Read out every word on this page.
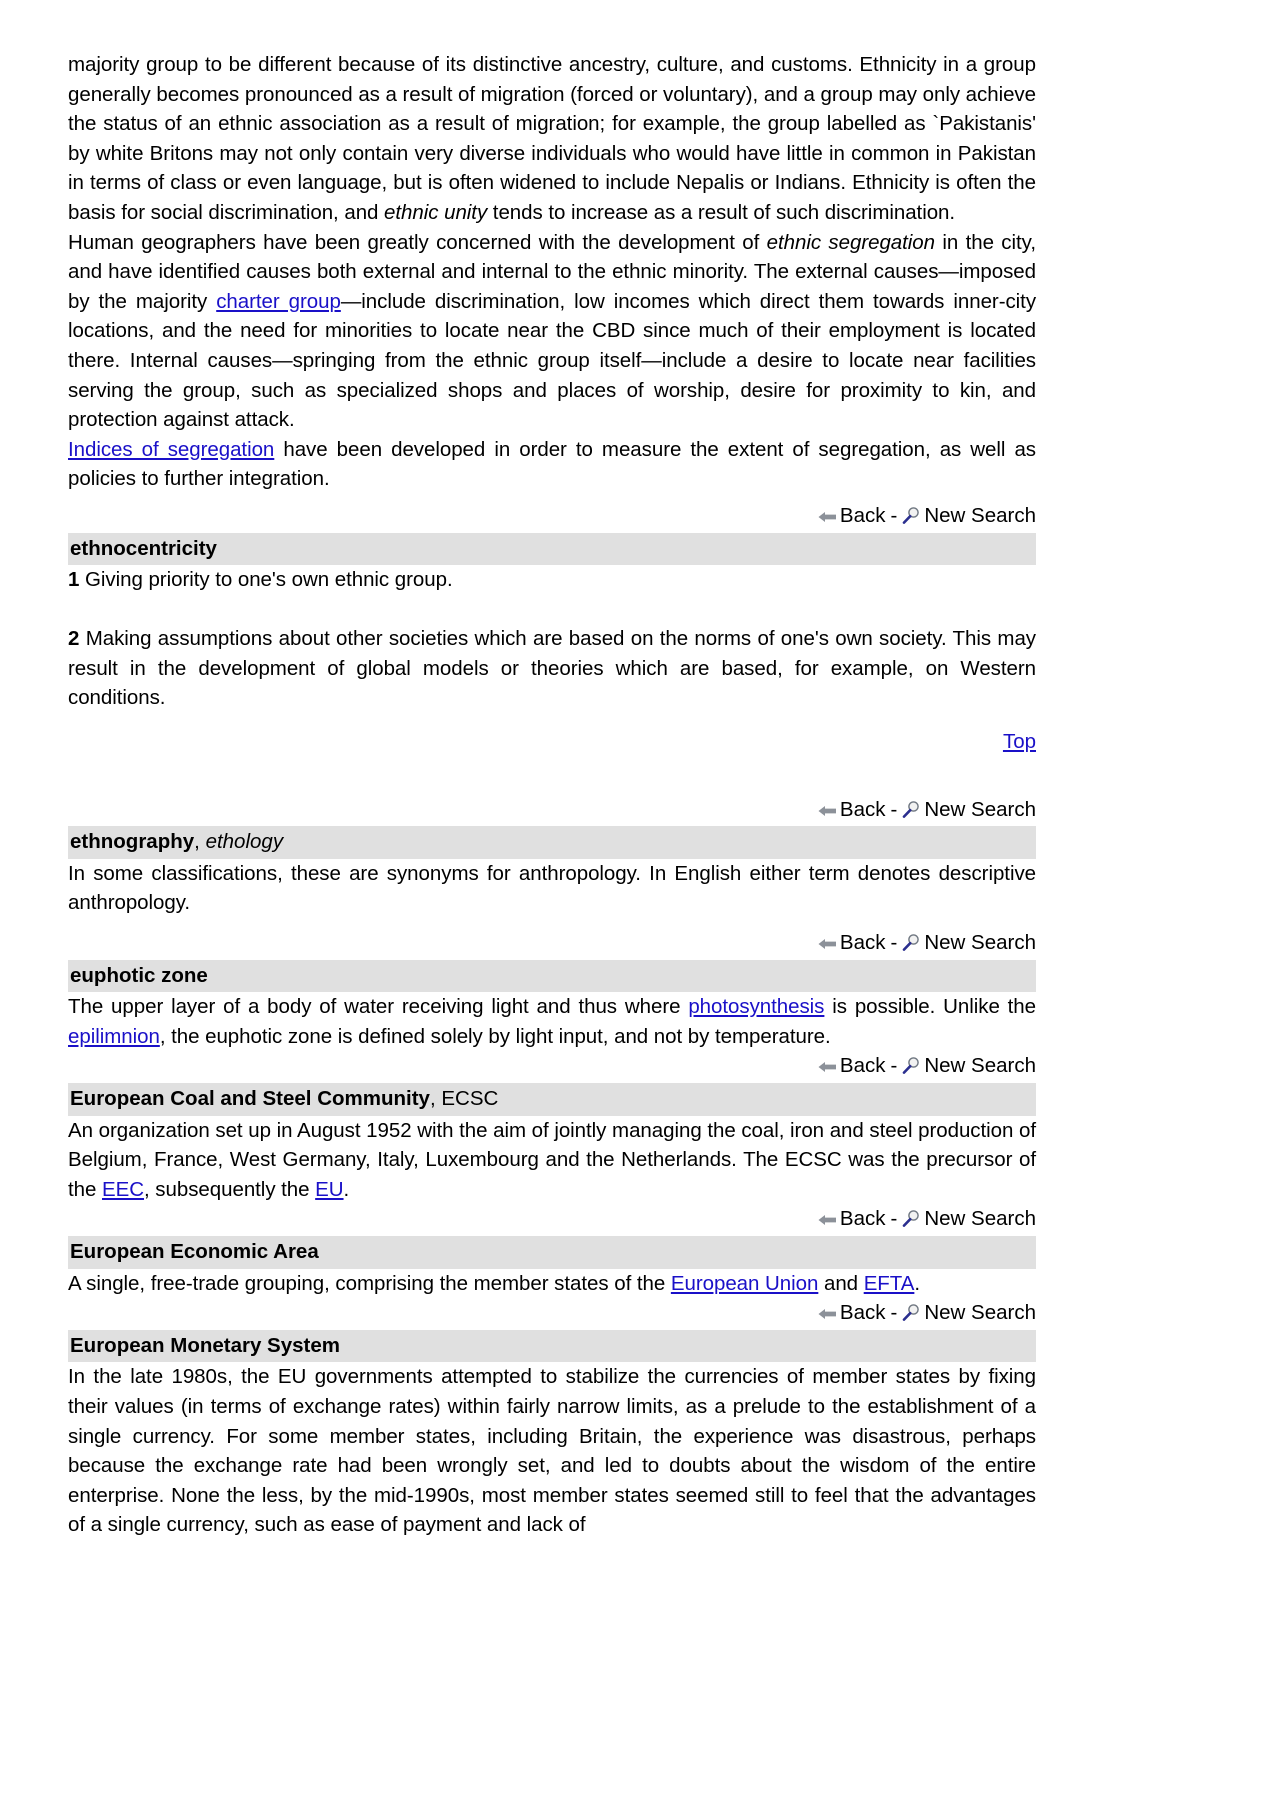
majority group to be different because of its distinctive ancestry, culture, and customs. Ethnicity in a group generally becomes pronounced as a result of migration (forced or voluntary), and a group may only achieve the status of an ethnic association as a result of migration; for example, the group labelled as `Pakistanis' by white Britons may not only contain very diverse individuals who would have little in common in Pakistan in terms of class or even language, but is often widened to include Nepalis or Indians. Ethnicity is often the basis for social discrimination, and ethnic unity tends to increase as a result of such discrimination.

Human geographers have been greatly concerned with the development of ethnic segregation in the city, and have identified causes both external and internal to the ethnic minority. The external causes—imposed by the majority charter group—include discrimination, low incomes which direct them towards inner-city locations, and the need for minorities to locate near the CBD since much of their employment is located there. Internal causes—springing from the ethnic group itself—include a desire to locate near facilities serving the group, such as specialized shops and places of worship, desire for proximity to kin, and protection against attack.

Indices of segregation have been developed in order to measure the extent of segregation, as well as policies to further integration.

Back - New Search
ethnocentricity

1 Giving priority to one's own ethnic group.

2 Making assumptions about other societies which are based on the norms of one's own society. This may result in the development of global models or theories which are based, for example, on Western conditions.

Top
Back - New Search
ethnography, ethology

In some classifications, these are synonyms for anthropology. In English either term denotes descriptive anthropology.

Back - New Search
euphotic zone

The upper layer of a body of water receiving light and thus where photosynthesis is possible. Unlike the epilimnion, the euphotic zone is defined solely by light input, and not by temperature.

Back - New Search
European Coal and Steel Community, ECSC

An organization set up in August 1952 with the aim of jointly managing the coal, iron and steel production of Belgium, France, West Germany, Italy, Luxembourg and the Netherlands. The ECSC was the precursor of the EEC, subsequently the EU.

Back - New Search
European Economic Area

A single, free-trade grouping, comprising the member states of the European Union and EFTA.

Back - New Search
European Monetary System

In the late 1980s, the EU governments attempted to stabilize the currencies of member states by fixing their values (in terms of exchange rates) within fairly narrow limits, as a prelude to the establishment of a single currency. For some member states, including Britain, the experience was disastrous, perhaps because the exchange rate had been wrongly set, and led to doubts about the wisdom of the entire enterprise. None the less, by the mid-1990s, most member states seemed still to feel that the advantages of a single currency, such as ease of payment and lack of
